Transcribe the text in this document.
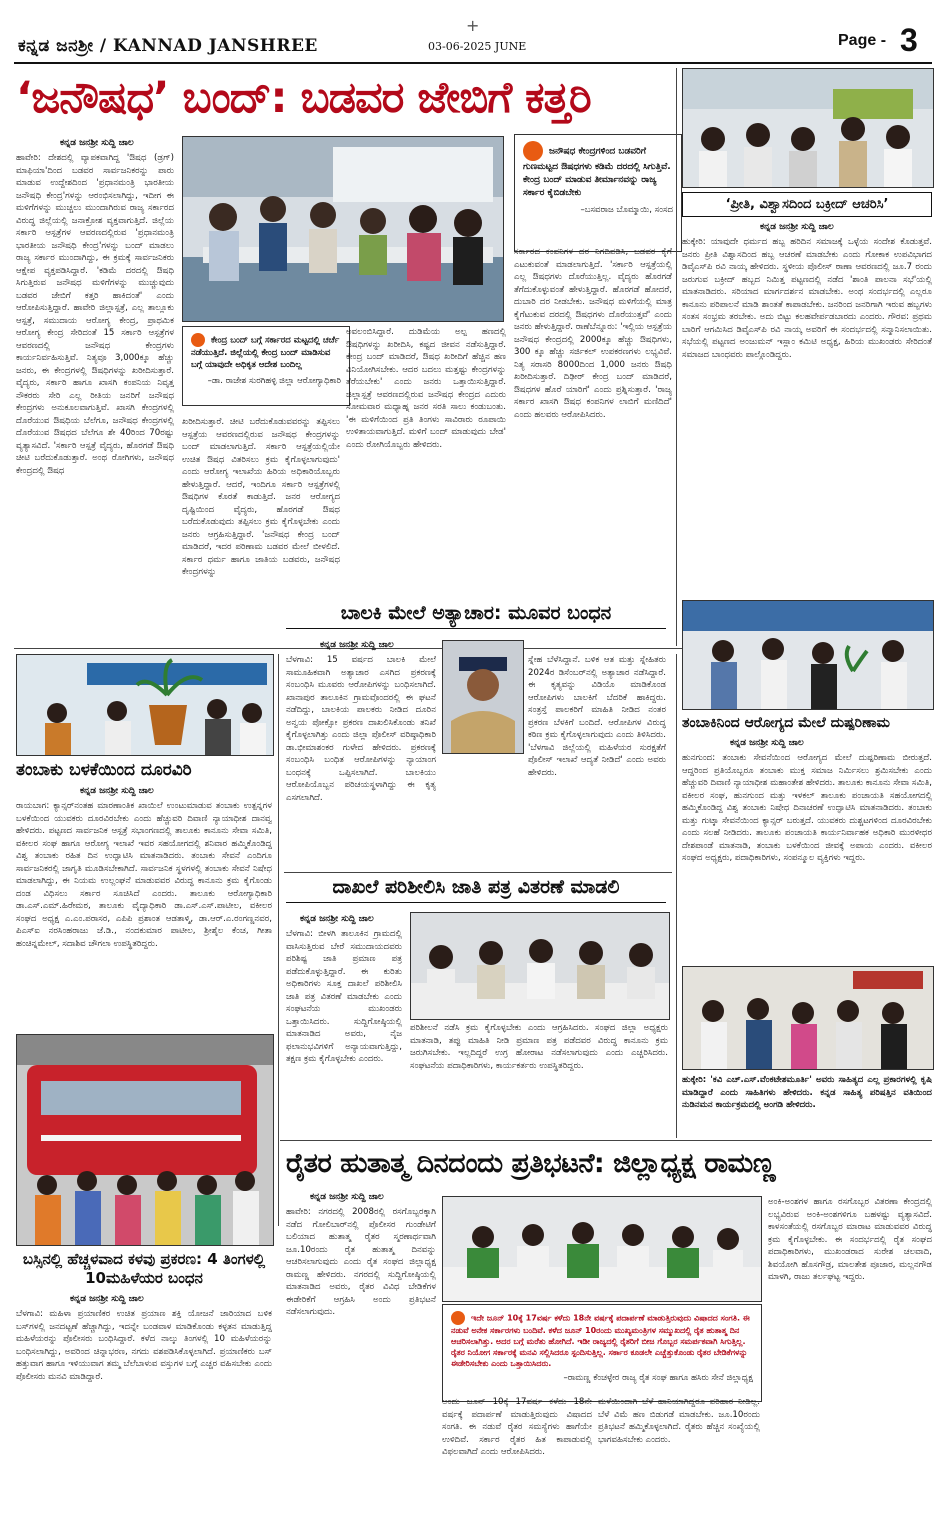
+
ಕನ್ನಡ ಜನಶ್ರೀ / KANNAD JANSHREE	03-06-2025 JUNE	Page - 3
‘ಜನೌಷಧ’ ಬಂದ್: ಬಡವರ ಜೇಬಿಗೆ ಕತ್ತರಿ
ಕನ್ನಡ ಜನಶ್ರೀ ಸುದ್ದಿ ಜಾಲ
ಹಾವೇರಿ: ದೇಶದಲ್ಲಿ ವ್ಯಾಪಕವಾಗಿದ್ದ 'ಔಷಧ (ಡ್ರಗ್) ಮಾಫಿಯಾ'ದಿಂದ ಬಡವರ ಸಾರ್ವಜನಿಕರನ್ನು ಪಾರು ಮಾಡುವ ಉದ್ದೇಶದಿಂದ 'ಪ್ರಧಾನಮಂತ್ರಿ ಭಾರತೀಯ ಜನೌಷಧಿ ಕೇಂದ್ರ'ಗಳನ್ನು ಆರಂಭಿಸಲಾಗಿದ್ದು, ಇದೀಗ ಈ ಮಳಿಗೆಗಳನ್ನು ಮುಚ್ಚಲು ಮುಂದಾಗಿರುವ ರಾಜ್ಯ ಸರ್ಕಾರದ ವಿರುದ್ಧ ಜಿಲ್ಲೆಯಲ್ಲಿ ಜನಾಕ್ರೋಶ ವ್ಯಕ್ತವಾಗುತ್ತಿದೆ. ಜಿಲ್ಲೆಯ ಸರ್ಕಾರಿ ಆಸ್ಪತ್ರೆಗಳ ಆವರಣದಲ್ಲಿರುವ 'ಪ್ರಧಾನಮಂತ್ರಿ ಭಾರತೀಯ ಜನೌಷಧಿ ಕೇಂದ್ರ'ಗಳನ್ನು ಬಂದ್ ಮಾಡಲು ರಾಜ್ಯ ಸರ್ಕಾರ ಮುಂದಾಗಿದ್ದು, ಈ ಕ್ರಮಕ್ಕೆ ಸಾರ್ವಜನಿಕರು ಆಕ್ಷೇಪ ವ್ಯಕ್ತಪಡಿಸಿದ್ದಾರೆ. 'ಕಡಿಮೆ ದರದಲ್ಲಿ ಔಷಧಿ ಸಿಗುತ್ತಿರುವ ಜನೌಷಧ ಮಳಿಗೆಗಳನ್ನು ಮುಚ್ಚುವುದು ಬಡವರ ಜೇಬಿಗೆ ಕತ್ತರಿ ಹಾಕಿದಂತೆ' ಎಂದು ಆರೋಪಿಸುತ್ತಿದ್ದಾರೆ. ಹಾವೇರಿ ಜಿಲ್ಲಾಸ್ಪತ್ರೆ, ಎಲ್ಲ ತಾಲ್ಲೂಕು ಆಸ್ಪತ್ರೆ, ಸಮುದಾಯ ಆರೋಗ್ಯ ಕೇಂದ್ರ, ಪ್ರಾಥಮಿಕ ಆರೋಗ್ಯ ಕೇಂದ್ರ ಸೇರಿದಂತೆ 15 ಸರ್ಕಾರಿ ಆಸ್ಪತ್ರೆಗಳ ಆವರಣದಲ್ಲಿ ಜನೌಷಧ ಕೇಂದ್ರಗಳು ಕಾರ್ಯನಿರ್ವಹಿಸುತ್ತಿವೆ. ನಿತ್ಯವೂ 3,000ಕ್ಕೂ ಹೆಚ್ಚು ಜನರು, ಈ ಕೇಂದ್ರಗಳಲ್ಲಿ ಔಷಧಿಗಳನ್ನು ಖರೀದಿಸುತ್ತಾರೆ. ವೈದ್ಯರು, ಸರ್ಕಾರಿ ಹಾಗೂ ಖಾಸಗಿ ಕಂಪನಿಯ ನಿವೃತ್ತ ನೌಕರರು ಸೇರಿ ಎಲ್ಲ ರೀತಿಯ ಜನರಿಗೆ ಜನೌಷಧ ಕೇಂದ್ರಗಳು ಅನುಕೂಲವಾಗುತ್ತಿವೆ. ಖಾಸಗಿ ಕೇಂದ್ರಗಳಲ್ಲಿ ದೊರೆಯುವ ಔಷಧಿಯ ಬೆಲೆಗೂ, ಜನೌಷಧ ಕೇಂದ್ರಗಳಲ್ಲಿ ದೊರೆಯುವ ಔಷಧದ ಬೆಲೆಗೂ ಶೇ 40ರಿಂದ 70ರಷ್ಟು ವ್ಯತ್ಯಾಸವಿದೆ. 'ಸರ್ಕಾರಿ ಆಸ್ಪತ್ರೆ ವೈದ್ಯರು, ಹೊರಗಡೆ ಔಷಧಿ ಚೀಟಿ ಬರೆದುಕೊಡುತ್ತಾರೆ. ಅಂಥ ರೋಗಿಗಳು, ಜನೌಷಧ ಕೇಂದ್ರದಲ್ಲಿ ಔಷಧ
ಜನೌಷಧ ಕೇಂದ್ರಗಳಿಂದ ಬಡವರಿಗೆ ಗುಣಮಟ್ಟದ ಔಷಧಗಳು ಕಡಿಮೆ ದರದಲ್ಲಿ ಸಿಗುತ್ತಿವೆ. ಕೇಂದ್ರ ಬಂದ್ ಮಾಡುವ ತೀರ್ಮಾನವನ್ನು ರಾಜ್ಯ ಸರ್ಕಾರ ಕೈಬಿಡಬೇಕು
–ಬಸವರಾಜ ಬೊಮ್ಮಾಯಿ, ಸಂಸದ
ಸರ್ಕಾರದ ಕಂಪನಿಗಳ ದರ ನಿಗದಿಪಡಿಸಿ, ಬಡವರ ಕೈಗೆ ಎಟುಕುವಂತೆ ಮಾಡಲಾಗುತ್ತಿದೆ. 'ಸರ್ಕಾರಿ ಆಸ್ಪತ್ರೆಯಲ್ಲಿ ಎಲ್ಲ ಔಷಧಗಳು ದೊರೆಯುತ್ತಿಲ್ಲ. ವೈದ್ಯರು ಹೊರಗಡೆ ತೆಗೆದುಕೊಳ್ಳುವಂತೆ ಹೇಳುತ್ತಿದ್ದಾರೆ. ಹೊರಗಡೆ ಹೋದರೆ, ದುಬಾರಿ ದರ ನೀಡಬೇಕು. ಜನೌಷಧ ಮಳಿಗೆಯಲ್ಲಿ ಮಾತ್ರ ಕೈಗೆಟುಕುವ ದರದಲ್ಲಿ ಔಷಧಗಳು ದೊರೆಯುತ್ತವೆ' ಎಂದು ಜನರು ಹೇಳುತ್ತಿದ್ದಾರೆ. ರಾಣೆಬೆನ್ನೂರು: 'ಇಲ್ಲಿಯ ಆಸ್ಪತ್ರೆಯ ಜನೌಷಧ ಕೇಂದ್ರದಲ್ಲಿ 2000ಕ್ಕೂ ಹೆಚ್ಚು ಔಷಧಿಗಳು, 300 ಕ್ಕೂ ಹೆಚ್ಚು ಸರ್ಜಿಕಲ್ ಉಪಕರಣಗಳು ಲಭ್ಯವಿವೆ. ನಿತ್ಯ ಸರಾಸರಿ 8000ದಿಂದ 1,000 ಜನರು ಔಷಧಿ ಖರೀದಿಸುತ್ತಾರೆ. ದಿಢೀರ್ ಕೇಂದ್ರ ಬಂದ್ ಮಾಡಿದರೆ, ಔಷಧಗಳ ಹೊರೆ ಯಾರಿಗೆ' ಎಂದು ಪ್ರಶ್ನಿಸುತ್ತಾರೆ. 'ರಾಜ್ಯ ಸರ್ಕಾರ ಖಾಸಗಿ ಔಷಧ ಕಂಪನಿಗಳ ಲಾಬಿಗೆ ಮಣಿದಿದೆ' ಎಂದು ಹಲವರು ಆರೋಪಿಸಿದರು.
ಕೇಂದ್ರ ಬಂದ್ ಬಗ್ಗೆ ಸರ್ಕಾರದ ಮಟ್ಟದಲ್ಲಿ ಚರ್ಚೆ ನಡೆಯುತ್ತಿದೆ. ಜಿಲ್ಲೆಯಲ್ಲಿ ಕೇಂದ್ರ ಬಂದ್ ಮಾಡಿಸುವ ಬಗ್ಗೆ ಯಾವುದೇ ಅಧಿಕೃತ ಆದೇಶ ಬಂದಿಲ್ಲ
–ಡಾ. ರಾಜೇಶ ಸುರಗಿಹಳ್ಳಿ ಜಿಲ್ಲಾ ಆರೋಗ್ಯಾಧಿಕಾರಿ
ಖರೀದಿಸುತ್ತಾರೆ. ಚೀಟಿ ಬರೆದುಕೊಡುವವರನ್ನು ತಪ್ಪಿಸಲು ಆಸ್ಪತ್ರೆಯ ಆವರಣದಲ್ಲಿರುವ ಜನೌಷಧ ಕೇಂದ್ರಗಳನ್ನು ಬಂದ್ ಮಾಡಲಾಗುತ್ತಿದೆ. ಸರ್ಕಾರಿ ಆಸ್ಪತ್ರೆಯಲ್ಲಿಯೇ ಉಚಿತ ಔಷಧ ವಿತರಿಸಲು ಕ್ರಮ ಕೈಗೊಳ್ಳಲಾಗುವುದು' ಎಂದು ಆರೋಗ್ಯ ಇಲಾಖೆಯ ಹಿರಿಯ ಅಧಿಕಾರಿಯೊಬ್ಬರು ಹೇಳುತ್ತಿದ್ದಾರೆ. ಆದರೆ, ಇಂದಿಗೂ ಸರ್ಕಾರಿ ಆಸ್ಪತ್ರೆಗಳಲ್ಲಿ ಔಷಧಿಗಳ ಕೊರತೆ ಕಾಡುತ್ತಿದೆ. ಜನರ ಆರೋಗ್ಯದ ದೃಷ್ಟಿಯಿಂದ ವೈದ್ಯರು, ಹೊರಗಡೆ ಔಷಧ ಬರೆದುಕೊಡುವುದು ತಪ್ಪಿಸಲು ಕ್ರಮ ಕೈಗೊಳ್ಳಬೇಕು ಎಂದು ಜನರು ಆಗ್ರಹಿಸುತ್ತಿದ್ದಾರೆ. 'ಜನೌಷಧ ಕೇಂದ್ರ ಬಂದ್ ಮಾಡಿದರೆ, ಇದರ ಪರಿಣಾಮ ಬಡವರ ಮೇಲೆ ಬೀಳಲಿದೆ. ಸರ್ಕಾರ ಧರ್ಮ ಹಾಗೂ ಜಾತಿಯ ಬಡವರು, ಜನೌಷಧ ಕೇಂದ್ರಗಳನ್ನು
ಅವಲಂಬಿಸಿದ್ದಾರೆ. ದುಡಿಮೆಯ ಅಲ್ಪ ಹಣದಲ್ಲಿ ಔಷಧಿಗಳನ್ನು ಖರೀದಿಸಿ, ಕಷ್ಟದ ಜೀವನ ನಡೆಸುತ್ತಿದ್ದಾರೆ. ಕೇಂದ್ರ ಬಂದ್ ಮಾಡಿದರೆ, ಔಷಧ ಖರೀದಿಗೆ ಹೆಚ್ಚಿನ ಹಣ ವಿನಿಯೋಗಿಸಬೇಕು. ಆದರ ಬದಲು ಮತ್ತಷ್ಟು ಕೇಂದ್ರಗಳನ್ನು ತೆರೆಯಬೇಕು' ಎಂದು ಜನರು ಒತ್ತಾಯಿಸುತ್ತಿದ್ದಾರೆ. ಜಿಲ್ಲಾಸ್ಪತ್ರೆ ಆವರಣದಲ್ಲಿರುವ ಜನೌಷಧ ಕೇಂದ್ರದ ಎದುರು ಸೋಮವಾರ ಮಧ್ಯಾಹ್ನ ಜನರ ಸರತಿ ಸಾಲು ಕಂಡುಬಂತು. 'ಈ ಮಳಿಗೆಯಿಂದ ಪ್ರತಿ ತಿಂಗಳು ಸಾವಿರಾರು ರೂಪಾಯಿ ಉಳಿತಾಯವಾಗುತ್ತಿದೆ. ಮಳಿಗೆ ಬಂದ್ ಮಾಡುವುದು ಬೇಡ' ಎಂದು ರೋಗಿಯೊಬ್ಬರು ಹೇಳಿದರು.
‘ಪ್ರೀತಿ, ವಿಶ್ವಾಸದಿಂದ ಬಕ್ರೀದ್ ಆಚರಿಸಿ’
ಕನ್ನಡ ಜನಶ್ರೀ ಸುದ್ದಿ ಜಾಲ
ಹುಕ್ಕೇರಿ: ಯಾವುದೇ ಧರ್ಮದ ಹಬ್ಬ ಹರಿದಿನ ಸಮಾಜಕ್ಕೆ ಒಳ್ಳೆಯ ಸಂದೇಶ ಕೊಡುತ್ತವೆ. ಜನರು ಪ್ರೀತಿ ವಿಶ್ವಾಸದಿಂದ ಹಬ್ಬ ಆಚರಣೆ ಮಾಡಬೇಕು ಎಂದು ಗೋಕಾಕ ಉಪವಿಭಾಗದ ಡಿವೈಎಸ್‌ಪಿ ರವಿ ನಾಯ್ಕ ಹೇಳಿದರು. ಸ್ಥಳೀಯ ಪೊಲೀಸ್ ಠಾಣಾ ಆವರಣದಲ್ಲಿ ಜೂ.7 ರಂದು ಜರುಗುವ ಬಕ್ರೀದ್ ಹಬ್ಬದ ನಿಮಿತ್ತ ಪಟ್ಟಣದಲ್ಲಿ ನಡೆದ 'ಶಾಂತಿ ಪಾಲನಾ ಸಭೆ'ಯಲ್ಲಿ ಮಾತನಾಡಿದರು. ಸರಿಯಾದ ಮಾರ್ಗದರ್ಶನ ಮಾಡಬೇಕು. ಅಂಥ ಸಂದರ್ಭದಲ್ಲಿ ಎಲ್ಲರೂ ಕಾನೂನು ಪರಿಪಾಲನೆ ಮಾಡಿ ಶಾಂತತೆ ಕಾಪಾಡಬೇಕು. ಜನರಿಂದ ಜನರಿಗಾಗಿ ಇರುವ ಹಬ್ಬಗಳು ಸಂತಸ ಸಂಭ್ರಮ ತರಬೇಕು. ಅದು ಬಿಟ್ಟು ಕಲಹವೇರ್ಪಡಬಾರದು ಎಂದರು. ಗೌರವ: ಪ್ರಥಮ ಬಾರಿಗೆ ಆಗಮಿಸಿದ ಡಿವೈಎಸ್‌ಪಿ ರವಿ ನಾಯ್ಕ ಅವರಿಗೆ ಈ ಸಂದರ್ಭದಲ್ಲಿ ಸನ್ಮಾನಿಸಲಾಯಿತು. ಸಭೆಯಲ್ಲಿ ಪಟ್ಟಣದ ಅಂಜುಮನ್ ಇಸ್ಲಾಂ ಕಮಿಟಿ ಅಧ್ಯಕ್ಷ, ಹಿರಿಯ ಮುಖಂಡರು ಸೇರಿದಂತೆ ಸಮಾಜದ ಬಾಂಧವರು ಪಾಲ್ಗೊಂಡಿದ್ದರು.
ತಂಬಾಕು ಬಳಕೆಯಿಂದ ದೂರವಿರಿ
ಕನ್ನಡ ಜನಶ್ರೀ ಸುದ್ದಿ ಜಾಲ
ರಾಯಬಾಗ: ಕ್ಯಾನ್ಸರ್‌ನಂತಹ ಮಾರಣಾಂತಿಕ ಖಾಯಿಲೆ ಉಂಟುಮಾಡುವ ತಂಬಾಕು ಉತ್ಪನ್ನಗಳ ಬಳಕೆಯಿಂದ ಯುವಕರು ದೂರವಿರಬೇಕು ಎಂದು ಹೆಚ್ಚುವರಿ ದಿವಾಣಿ ನ್ಯಾಯಾಧೀಶ ದಾನವ್ವ ಹೇಳಿದರು. ಪಟ್ಟಣದ ಸಾರ್ವಜನಿಕ ಆಸ್ಪತ್ರೆ ಸಭಾಂಗಣದಲ್ಲಿ ತಾಲೂಕು ಕಾನೂನು ಸೇವಾ ಸಮಿತಿ, ವಕೀಲರ ಸಂಘ ಹಾಗೂ ಆರೋಗ್ಯ ಇಲಾಖೆ ಇವರ ಸಹಯೋಗದಲ್ಲಿ ಶನಿವಾರ ಹಮ್ಮಿಕೊಂಡಿದ್ದ ವಿಶ್ವ ತಂಬಾಕು ರಹಿತ ದಿನ ಉದ್ಘಾಟಿಸಿ ಮಾತನಾಡಿದರು. ತಂಬಾಕು ಸೇವನೆ ಎಂದಿಗೂ ಸಾರ್ವಜನಿಕರಲ್ಲಿ ಜಾಗೃತಿ ಮೂಡಿಸಬೇಕಾಗಿದೆ. ಸಾರ್ವಜನಿಕ ಸ್ಥಳಗಳಲ್ಲಿ ತಂಬಾಕು ಸೇವನೆ ನಿಷೇಧ ಮಾಡಲಾಗಿದ್ದು, ಈ ನಿಯಮ ಉಲ್ಲಂಘನೆ ಮಾಡುವವರ ವಿರುದ್ಧ ಕಾನೂನು ಕ್ರಮ ಕೈಗೊಂಡು ದಂಡ ವಿಧಿಸಲು ಸರ್ಕಾರ ಸೂಚಿಸಿದೆ ಎಂದರು. ತಾಲೂಕು ಆರೋಗ್ಯಾಧಿಕಾರಿ ಡಾ.ಎಸ್.ಎಮ್.ಹಿರೇಮಠ, ತಾಲೂಕು ವೈದ್ಯಾಧಿಕಾರಿ ಡಾ.ಎಸ್.ಎಸ್.ಪಾಟೀಲ, ವಕೀಲರ ಸಂಘದ ಅಧ್ಯಕ್ಷ ಎ.ಎಂ.ಪರಾಸರ, ಎಪಿಪಿ ಪ್ರಶಾಂತ ಆಡತಾಳ್ಮಿ, ಡಾ.ಆರ್.ಎ.ರಂಗಣ್ಣನವರ, ಪಿಎಸ್ಐ ನರಸಿಂಹರಾಜು ಜೆ.ಡಿ., ನಂದಕುಮಾರ ಪಾಟೀಲ, ಶ್ರೀಶೈಲ ಕೆಂಚ, ಗೀತಾ ಹಂಚಿನ್ನಮೇಲ್, ಸದಾಶಿವ ಚೌಗಲಾ ಉಪಸ್ಥಿತರಿದ್ದರು.
ಬಾಲಕಿ ಮೇಲೆ ಅತ್ಯಾಚಾರ: ಮೂವರ ಬಂಧನ
ಕನ್ನಡ ಜನಶ್ರೀ ಸುದ್ದಿ ಜಾಲ
ಬೆಳಗಾವಿ: 15 ವರ್ಷದ ಬಾಲಕಿ ಮೇಲೆ ಸಾಮೂಹಿಕವಾಗಿ ಅತ್ಯಾಚಾರ ಎಸಗಿದ ಪ್ರಕರಣಕ್ಕೆ ಸಂಬಂಧಿಸಿ ಮೂವರು ಆರೋಪಿಗಳನ್ನು ಬಂಧಿಸಲಾಗಿದೆ. ಖಾನಾಪುರ ತಾಲೂಕಿನ ಗ್ರಾಮವೊಂದರಲ್ಲಿ ಈ ಘಟನೆ ನಡೆದಿದ್ದು, ಬಾಲಕಿಯ ಪಾಲಕರು ನೀಡಿದ ದೂರಿನ ಅನ್ವಯ ಪೋಕ್ಸೋ ಪ್ರಕರಣ ದಾಖಲಿಸಿಕೊಂಡು ತನಿಖೆ ಕೈಗೊಳ್ಳಲಾಗಿತ್ತು ಎಂದು ಜಿಲ್ಲಾ ಪೊಲೀಸ್ ವರಿಷ್ಠಾಧಿಕಾರಿ ಡಾ.ಭೀಮಾಶಂಕರ ಗುಳೇದ ಹೇಳಿದರು. ಪ್ರಕರಣಕ್ಕೆ ಸಂಬಂಧಿಸಿ ಬಂಧಿತ ಆರೋಪಿಗಳನ್ನು ನ್ಯಾಯಾಂಗ ಬಂಧನಕ್ಕೆ ಒಪ್ಪಿಸಲಾಗಿದೆ. ಬಾಲಕಿಯು ಆರೋಪಿಯೊಬ್ಬನ ಪರಿಚಯಸ್ಥಳಾಗಿದ್ದು ಈ ಕೃತ್ಯ ಎಸಗಲಾಗಿದೆ.
ಸ್ನೇಹ ಬೆಳೆಸಿದ್ದಾನೆ. ಬಳಿಕ ಆತ ಮತ್ತು ಸ್ನೇಹಿತರು 2024ರ ಡಿಸೆಂಬರ್‌ನಲ್ಲಿ ಅತ್ಯಾಚಾರ ನಡೆಸಿದ್ದಾರೆ. ಈ ಕೃತ್ಯವನ್ನು ವಿಡಿಯೊ ಮಾಡಿಕೊಂಡ ಆರೋಪಿಗಳು ಬಾಲಕಿಗೆ ಬೆದರಿಕೆ ಹಾಕಿದ್ದರು. ಸಂತ್ರಸ್ತೆ ಪಾಲಕರಿಗೆ ಮಾಹಿತಿ ನೀಡಿದ ನಂತರ ಪ್ರಕರಣ ಬೆಳಕಿಗೆ ಬಂದಿದೆ. ಆರೋಪಿಗಳ ವಿರುದ್ಧ ಕಠಿಣ ಕ್ರಮ ಕೈಗೊಳ್ಳಲಾಗುವುದು ಎಂದು ತಿಳಿಸಿದರು. 'ಬೆಳಗಾವಿ ಜಿಲ್ಲೆಯಲ್ಲಿ ಮಹಿಳೆಯರ ಸುರಕ್ಷತೆಗೆ ಪೊಲೀಸ್ ಇಲಾಖೆ ಆದ್ಯತೆ ನೀಡಿದೆ' ಎಂದು ಅವರು ಹೇಳಿದರು.
ತಂಬಾಕಿನಿಂದ ಆರೋಗ್ಯದ ಮೇಲೆ ದುಷ್ಪರಿಣಾಮ
ಕನ್ನಡ ಜನಶ್ರೀ ಸುದ್ದಿ ಜಾಲ
ಹುನಗುಂದ: ತಂಬಾಕು ಸೇವನೆಯಿಂದ ಆರೋಗ್ಯದ ಮೇಲೆ ದುಷ್ಪರಿಣಾಮ ಬೀರುತ್ತದೆ. ಆದ್ದರಿಂದ ಪ್ರತಿಯೊಬ್ಬರೂ ತಂಬಾಕು ಮುಕ್ತ ಸಮಾಜ ನಿರ್ಮಿಸಲು ಶ್ರಮಿಸಬೇಕು ಎಂದು ಹೆಚ್ಚುವರಿ ದಿವಾಣಿ ನ್ಯಾಯಾಧೀಶ ಮಹಾಂತೇಶ ಹೇಳಿದರು. ತಾಲೂಕು ಕಾನೂನು ಸೇವಾ ಸಮಿತಿ, ವಕೀಲರ ಸಂಘ, ಹುನಗುಂದ ಮತ್ತು ಇಳಕಲ್ ತಾಲೂಕು ಪಂಚಾಯತಿ ಸಹಯೋಗದಲ್ಲಿ ಹಮ್ಮಿಕೊಂಡಿದ್ದ ವಿಶ್ವ ತಂಬಾಕು ನಿಷೇಧ ದಿನಾಚರಣೆ ಉದ್ಘಾಟಿಸಿ ಮಾತನಾಡಿದರು. ತಂಬಾಕು ಮತ್ತು ಗುಟ್ಕಾ ಸೇವನೆಯಿಂದ ಕ್ಯಾನ್ಸರ್ ಬರುತ್ತದೆ. ಯುವಕರು ದುಶ್ಚಟಗಳಿಂದ ದೂರವಿರಬೇಕು ಎಂದು ಸಲಹೆ ನೀಡಿದರು. ತಾಲೂಕು ಪಂಚಾಯತಿ ಕಾರ್ಯನಿರ್ವಾಹಕ ಅಧಿಕಾರಿ ಮುರಳೀಧರ ದೇಶಪಾಂಡೆ ಮಾತನಾಡಿ, ತಂಬಾಕು ಬಳಕೆಯಿಂದ ಜೀವಕ್ಕೆ ಅಪಾಯ ಎಂದರು. ವಕೀಲರ ಸಂಘದ ಅಧ್ಯಕ್ಷರು, ಪದಾಧಿಕಾರಿಗಳು, ಸಂಪನ್ಮೂಲ ವ್ಯಕ್ತಿಗಳು ಇದ್ದರು.
ದಾಖಲೆ ಪರಿಶೀಲಿಸಿ ಜಾತಿ ಪತ್ರ ವಿತರಣೆ ಮಾಡಲಿ
ಕನ್ನಡ ಜನಶ್ರೀ ಸುದ್ದಿ ಜಾಲ
ಬೆಳಗಾವಿ: ಬೀಳಗಿ ತಾಲೂಕಿನ ಗ್ರಾಮದಲ್ಲಿ ವಾಸಿಸುತ್ತಿರುವ ಬೇರೆ ಸಮುದಾಯದವರು ಪರಿಶಿಷ್ಟ ಜಾತಿ ಪ್ರಮಾಣ ಪತ್ರ ಪಡೆದುಕೊಳ್ಳುತ್ತಿದ್ದಾರೆ. ಈ ಕುರಿತು ಅಧಿಕಾರಿಗಳು ಸೂಕ್ತ ದಾಖಲೆ ಪರಿಶೀಲಿಸಿ ಜಾತಿ ಪತ್ರ ವಿತರಣೆ ಮಾಡಬೇಕು ಎಂದು ಸಂಘಟನೆಯ ಮುಖಂಡರು ಒತ್ತಾಯಿಸಿದರು. ಸುದ್ದಿಗೋಷ್ಠಿಯಲ್ಲಿ ಮಾತನಾಡಿದ ಅವರು, ನೈಜ ಫಲಾನುಭವಿಗಳಿಗೆ ಅನ್ಯಾಯವಾಗುತ್ತಿದ್ದು, ತಕ್ಷಣ ಕ್ರಮ ಕೈಗೊಳ್ಳಬೇಕು ಎಂದರು.
ಪರಿಶೀಲನೆ ನಡೆಸಿ ಕ್ರಮ ಕೈಗೊಳ್ಳಬೇಕು ಎಂದು ಆಗ್ರಹಿಸಿದರು. ಸಂಘದ ಜಿಲ್ಲಾ ಅಧ್ಯಕ್ಷರು ಮಾತನಾಡಿ, ತಪ್ಪು ಮಾಹಿತಿ ನೀಡಿ ಪ್ರಮಾಣ ಪತ್ರ ಪಡೆದವರ ವಿರುದ್ಧ ಕಾನೂನು ಕ್ರಮ ಜರುಗಿಸಬೇಕು. ಇಲ್ಲದಿದ್ದರೆ ಉಗ್ರ ಹೋರಾಟ ನಡೆಸಲಾಗುವುದು ಎಂದು ಎಚ್ಚರಿಸಿದರು. ಸಂಘಟನೆಯ ಪದಾಧಿಕಾರಿಗಳು, ಕಾರ್ಯಕರ್ತರು ಉಪಸ್ಥಿತರಿದ್ದರು.
ಹುಕ್ಕೇರಿ: 'ಕವಿ ಎಚ್.ಎಸ್.ವೆಂಕಟೇಶಮೂರ್ತಿ' ಅವರು ಸಾಹಿತ್ಯದ ಎಲ್ಲ ಪ್ರಕಾರಗಳಲ್ಲಿ ಕೃಷಿ ಮಾಡಿದ್ದಾರೆ ಎಂದು ಸಾಹಿತಿಗಳು ಹೇಳಿದರು. ಕನ್ನಡ ಸಾಹಿತ್ಯ ಪರಿಷತ್ತಿನ ವತಿಯಿಂದ ನುಡಿನಮನ ಕಾರ್ಯಕ್ರಮದಲ್ಲಿ ಅಂಗಡಿ ಹೇಳಿದರು.
ಬಸ್ಸಿನಲ್ಲಿ ಹೆಚ್ಚಳವಾದ ಕಳವು ಪ್ರಕರಣ: 4 ತಿಂಗಳಲ್ಲಿ 10ಮಹಿಳೆಯರ ಬಂಧನ
ಕನ್ನಡ ಜನಶ್ರೀ ಸುದ್ದಿ ಜಾಲ
ಬೆಳಗಾವಿ: ಮಹಿಳಾ ಪ್ರಯಾಣಿಕರ ಉಚಿತ ಪ್ರಯಾಣ ಶಕ್ತಿ ಯೋಜನೆ ಜಾರಿಯಾದ ಬಳಿಕ ಬಸ್‌ಗಳಲ್ಲಿ ಜನದಟ್ಟಣೆ ಹೆಚ್ಚಾಗಿದ್ದು, ಇದನ್ನೇ ಬಂಡವಾಳ ಮಾಡಿಕೊಂಡು ಕಳ್ಳತನ ಮಾಡುತ್ತಿದ್ದ ಮಹಿಳೆಯರನ್ನು ಪೊಲೀಸರು ಬಂಧಿಸಿದ್ದಾರೆ. ಕಳೆದ ನಾಲ್ಕು ತಿಂಗಳಲ್ಲಿ 10 ಮಹಿಳೆಯರನ್ನು ಬಂಧಿಸಲಾಗಿದ್ದು, ಅವರಿಂದ ಚಿನ್ನಾಭರಣ, ನಗದು ವಶಪಡಿಸಿಕೊಳ್ಳಲಾಗಿದೆ. ಪ್ರಯಾಣಿಕರು ಬಸ್ ಹತ್ತುವಾಗ ಹಾಗೂ ಇಳಿಯುವಾಗ ತಮ್ಮ ಬೆಲೆಬಾಳುವ ವಸ್ತುಗಳ ಬಗ್ಗೆ ಎಚ್ಚರ ವಹಿಸಬೇಕು ಎಂದು ಪೊಲೀಸರು ಮನವಿ ಮಾಡಿದ್ದಾರೆ.
ರೈತರ ಹುತಾತ್ಮ ದಿನದಂದು ಪ್ರತಿಭಟನೆ: ಜಿಲ್ಲಾಧ್ಯಕ್ಷ ರಾಮಣ್ಣ
ಕನ್ನಡ ಜನಶ್ರೀ ಸುದ್ದಿ ಜಾಲ
ಹಾವೇರಿ: ನಗರದಲ್ಲಿ 2008ರಲ್ಲಿ ರಸಗೊಬ್ಬರಕ್ಕಾಗಿ ನಡೆದ ಗೋಲಿಬಾರ್‌ನಲ್ಲಿ ಪೊಲೀಸರ ಗುಂಡೇಟಿಗೆ ಬಲಿಯಾದ ಹುತಾತ್ಮ ರೈತರ ಸ್ಮರಣಾರ್ಥವಾಗಿ ಜೂ.10ರಂದು ರೈತ ಹುತಾತ್ಮ ದಿನವನ್ನು ಆಚರಿಸಲಾಗುವುದು ಎಂದು ರೈತ ಸಂಘದ ಜಿಲ್ಲಾಧ್ಯಕ್ಷ ರಾಮಣ್ಣ ಹೇಳಿದರು. ನಗರದಲ್ಲಿ ಸುದ್ದಿಗೋಷ್ಠಿಯಲ್ಲಿ ಮಾತನಾಡಿದ ಅವರು, ರೈತರ ವಿವಿಧ ಬೇಡಿಕೆಗಳ ಈಡೇರಿಕೆಗೆ ಆಗ್ರಹಿಸಿ ಅಂದು ಪ್ರತಿಭಟನೆ ನಡೆಸಲಾಗುವುದು.
ಇದೇ ಜೂನ್ 10ಕ್ಕೆ 17ವರ್ಷ ಕಳೆದು 18ನೇ ವರ್ಷಕ್ಕೆ ಪದಾರ್ಪಣೆ ಮಾಡುತ್ತಿರುವುದು ವಿಷಾದದ ಸಂಗತಿ. ಈ ನಡುವೆ ಅನೇಕ ಸರ್ಕಾರಗಳು ಬಂದಿವೆ. ಕಳೆದ ಜೂನ್ 10ರಂದು ಮುಖ್ಯಮಂತ್ರಿಗಳ ಸಮ್ಮುಖದಲ್ಲಿ ರೈತ ಹುತಾತ್ಮ ದಿನ ಆಚರಿಸಲಾಗಿತ್ತು. ಅದರ ಬಗ್ಗೆ ಮರೆತು ಹೋಗಿದೆ. ಇಡೀ ರಾಜ್ಯದಲ್ಲಿ ರೈತರಿಗೆ ಬೀಜ ಗೊಬ್ಬರ ಸಮರ್ಪಕವಾಗಿ ಸಿಗುತ್ತಿಲ್ಲ. ರೈತರ ನಿಯೋಗ ಸರ್ಕಾರಕ್ಕೆ ಮನವಿ ಸಲ್ಲಿಸಿದರೂ ಸ್ಪಂದಿಸುತ್ತಿಲ್ಲ. ಸರ್ಕಾರ ಕೂಡಲೇ ಎಚ್ಚೆತ್ತುಕೊಂಡು ರೈತರ ಬೇಡಿಕೆಗಳನ್ನು ಈಡೇರಿಸಬೇಕು ಎಂದು ಒತ್ತಾಯಿಸಿದರು.
–ರಾಮಣ್ಣ ಕೆಂಚಳ್ಳೇರ ರಾಜ್ಯ ರೈತ ಸಂಘ ಹಾಗೂ ಹಸಿರು ಸೇನೆ ಜಿಲ್ಲಾಧ್ಯಕ್ಷ
ಅಂದು ಜೂನ್ 10ಕ್ಕೆ 17ವರ್ಷ ಕಳೆದು 18ನೇ ವರ್ಷಕ್ಕೆ ಪದಾರ್ಪಣೆ ಮಾಡುತ್ತಿರುವುದು ವಿಷಾದದ ಸಂಗತಿ. ಈ ನಡುವೆ ರೈತರ ಸಮಸ್ಯೆಗಳು ಹಾಗೆಯೇ ಉಳಿದಿವೆ. ಸರ್ಕಾರ ರೈತರ ಹಿತ ಕಾಪಾಡುವಲ್ಲಿ ವಿಫಲವಾಗಿದೆ ಎಂದು ಆರೋಪಿಸಿದರು.
ಮಳೆಯಿಂದಾಗಿ ಬೆಳೆ ಹಾನಿಯಾಗಿದ್ದರೂ ಪರಿಹಾರ ನೀಡಿಲ್ಲ. ಬೆಳೆ ವಿಮೆ ಹಣ ಬಿಡುಗಡೆ ಮಾಡಬೇಕು. ಜೂ.10ರಂದು ಪ್ರತಿಭಟನೆ ಹಮ್ಮಿಕೊಳ್ಳಲಾಗಿದೆ. ರೈತರು ಹೆಚ್ಚಿನ ಸಂಖ್ಯೆಯಲ್ಲಿ ಭಾಗವಹಿಸಬೇಕು ಎಂದರು.
ಅಂಕಿ-ಅಂಶಗಳ ಹಾಗೂ ರಸಗೊಬ್ಬರ ವಿತರಣಾ ಕೇಂದ್ರದಲ್ಲಿ ಲಭ್ಯವಿರುವ ಅಂಕಿ-ಅಂಶಗಳಿಗೂ ಬಹಳಷ್ಟು ವ್ಯತ್ಯಾಸವಿದೆ. ಕಾಳಸಂತೆಯಲ್ಲಿ ರಸಗೊಬ್ಬರ ಮಾರಾಟ ಮಾಡುವವರ ವಿರುದ್ಧ ಕ್ರಮ ಕೈಗೊಳ್ಳಬೇಕು. ಈ ಸಂದರ್ಭದಲ್ಲಿ ರೈತ ಸಂಘದ ಪದಾಧಿಕಾರಿಗಳು, ಮುಖಂಡರಾದ ಸುರೇಶ ಚಲವಾದಿ, ಶಿವಯೋಗಿ ಹೊಸಗೌಡ್ರ, ಮಾಲತೇಶ ಪೂಜಾರ, ಮಲ್ಲನಗೌಡ ಮಾಳಗಿ, ರಾಜು ತರ್ಲಘಟ್ಟ ಇದ್ದರು.
